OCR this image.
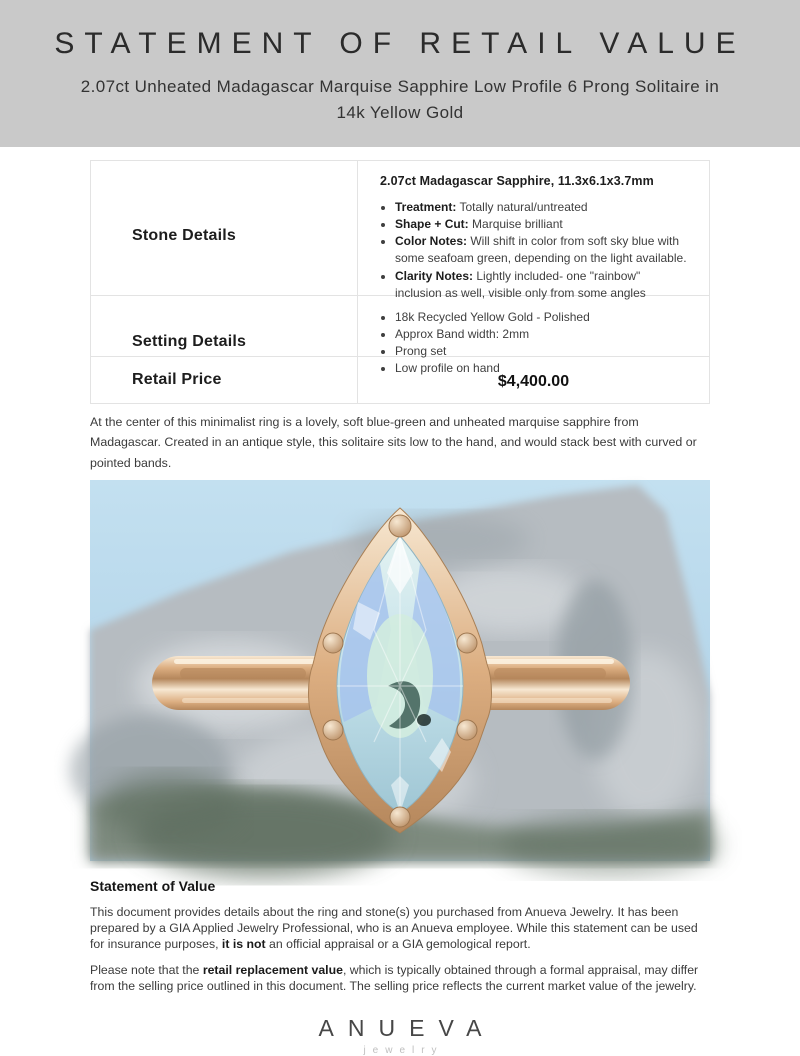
STATEMENT OF RETAIL VALUE
2.07ct Unheated Madagascar Marquise Sapphire Low Profile 6 Prong Solitaire in 14k Yellow Gold
Stone Details
2.07ct Madagascar Sapphire, 11.3x6.1x3.7mm
• Treatment: Totally natural/untreated
• Shape + Cut: Marquise brilliant
• Color Notes: Will shift in color from soft sky blue with some seafoam green, depending on the light available.
• Clarity Notes: Lightly included- one "rainbow" inclusion as well, visible only from some angles
Setting Details
• 18k Recycled Yellow Gold - Polished
• Approx Band width: 2mm
• Prong set
• Low profile on hand
Retail Price	$4,400.00

At the center of this minimalist ring is a lovely, soft blue-green and unheated marquise sapphire from Madagascar. Created in an antique style, this solitaire sits low to the hand, and would stack best with curved or pointed bands.

Statement of Value

This document provides details about the ring and stone(s) you purchased from Anueva Jewelry. It has been prepared by a GIA Applied Jewelry Professional, who is an Anueva employee. While this statement can be used for insurance purposes, it is not an official appraisal or a GIA gemological report.

Please note that the retail replacement value, which is typically obtained through a formal appraisal, may differ from the selling price outlined in this document. The selling price reflects the current market value of the jewelry.

ANUEVA
jewelry
